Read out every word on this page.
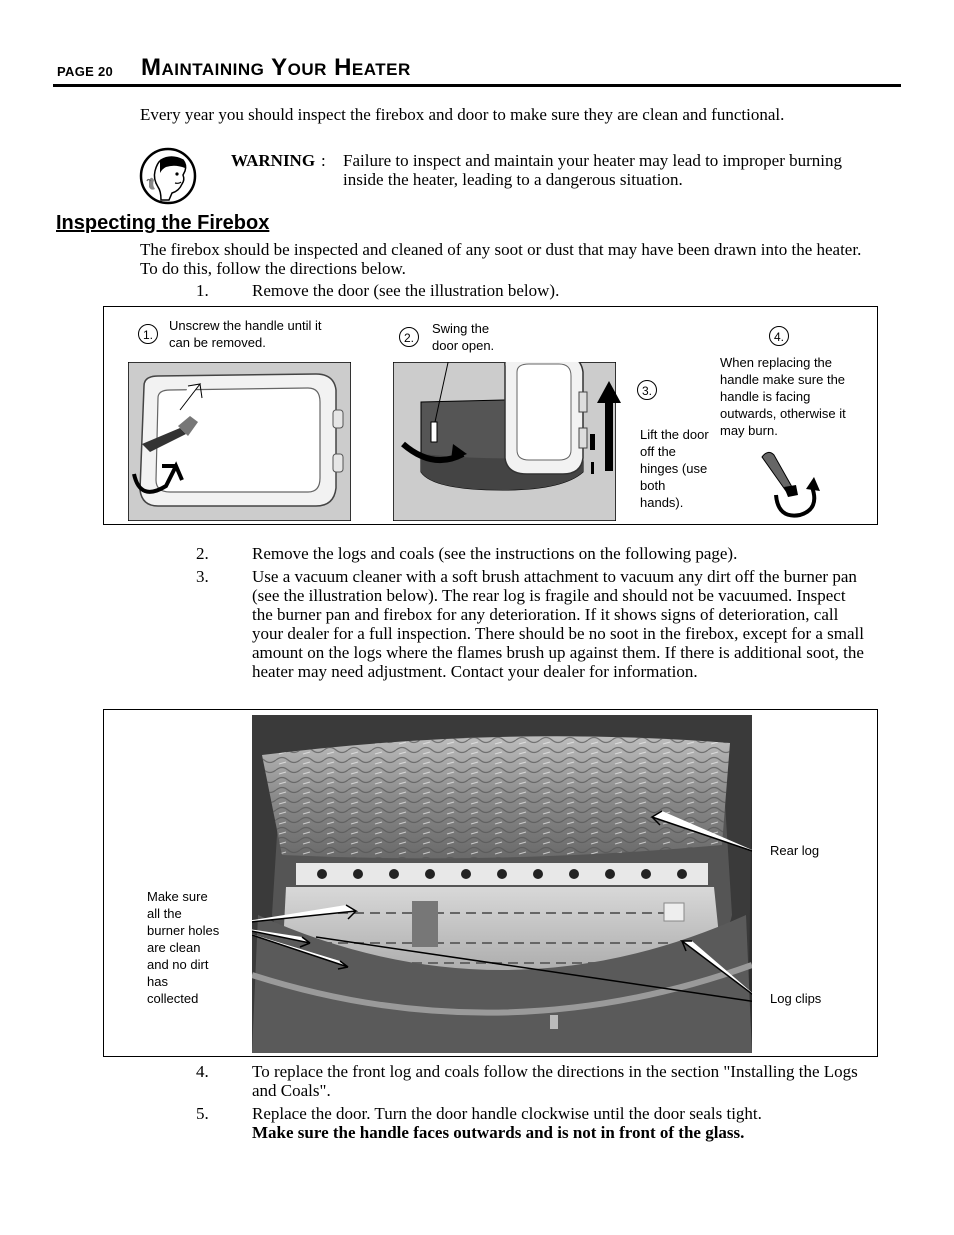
PAGE 20 Maintaining Your Heater
Every year you should inspect the firebox and door to make sure they are clean and functional.
WARNING : Failure to inspect and maintain your heater may lead to improper burning inside the heater, leading to a dangerous situation.
Inspecting the Firebox
The firebox should be inspected and cleaned of any soot or dust that may have been drawn into the heater. To do this, follow the directions below.
1.	Remove the door (see the illustration below).
1.
Unscrew the handle until it can be removed.	2.
Swing the door open.
3.
Lift the door off the hinges (use both hands).
4.
When replacing the handle make sure the handle is facing outwards, otherwise it may burn.
2.	Remove the logs and coals (see the instructions on the following page).
3.	Use a vacuum cleaner with a soft brush attachment to vacuum any dirt off the burner pan (see the illustration below). The rear log is fragile and should not be vacuumed. Inspect the burner pan and firebox for any deterioration. If it shows signs of deterioration, call your dealer for a full inspection. There should be no soot in the firebox, except for a small amount on the logs where the flames brush up against them. If there is additional soot, the heater may need adjustment. Contact your dealer for information.
Make sure all the burner holes are clean and no dirt has collected
Rear log
Log clips
4.	To replace the front log and coals follow the directions in the section "Installing the Logs and Coals".
5.	Replace the door. Turn the door handle clockwise until the door seals tight.
Make sure the handle faces outwards and is not in front of the glass.
